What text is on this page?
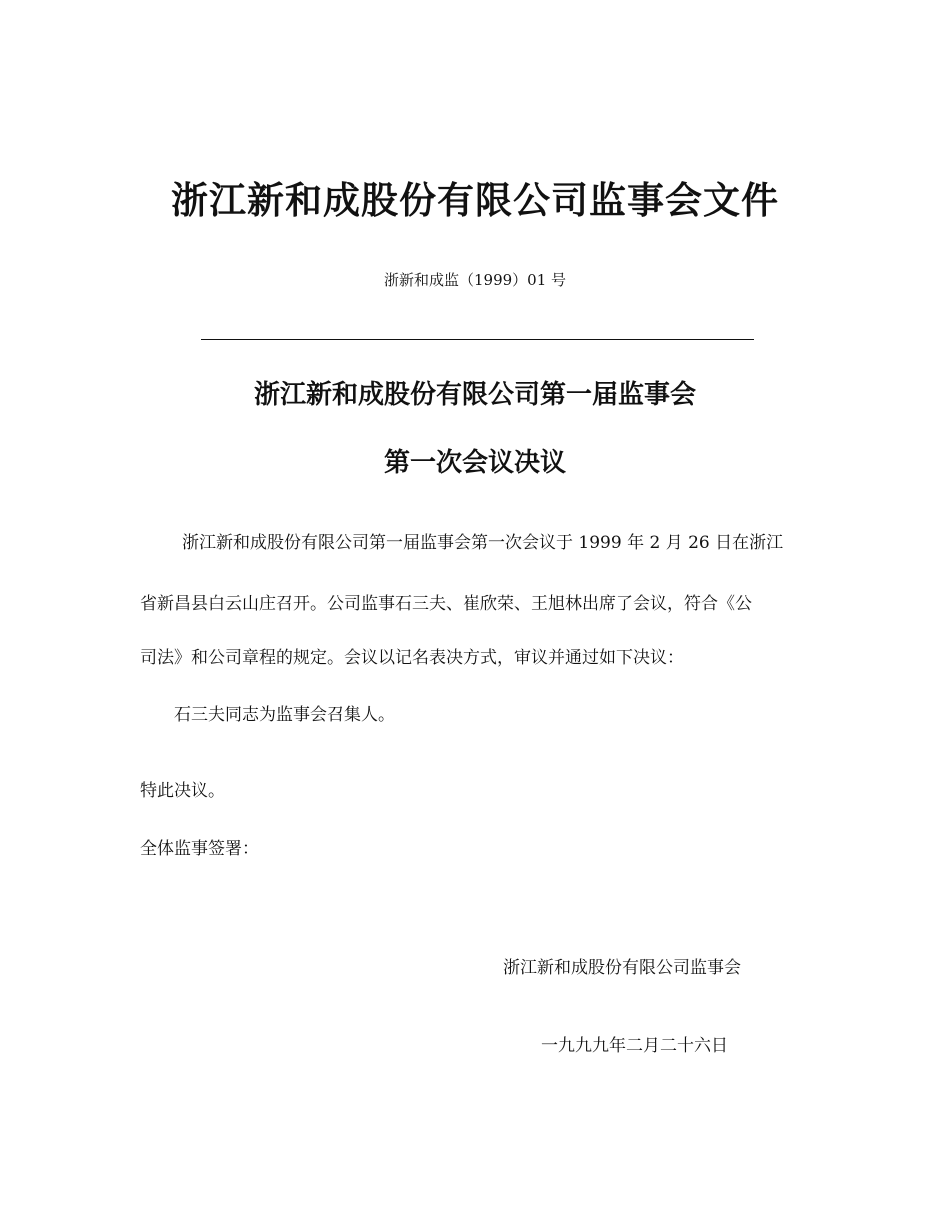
浙江新和成股份有限公司监事会文件
浙新和成监（1999）01 号
浙江新和成股份有限公司第一届监事会
第一次会议决议
浙江新和成股份有限公司第一届监事会第一次会议于 1999 年 2 月 26 日在浙江
省新昌县白云山庄召开。公司监事石三夫、崔欣荣、王旭林出席了会议，符合《公
司法》和公司章程的规定。会议以记名表决方式，审议并通过如下决议：
石三夫同志为监事会召集人。
特此决议。
全体监事签署：
浙江新和成股份有限公司监事会
一九九九年二月二十六日
